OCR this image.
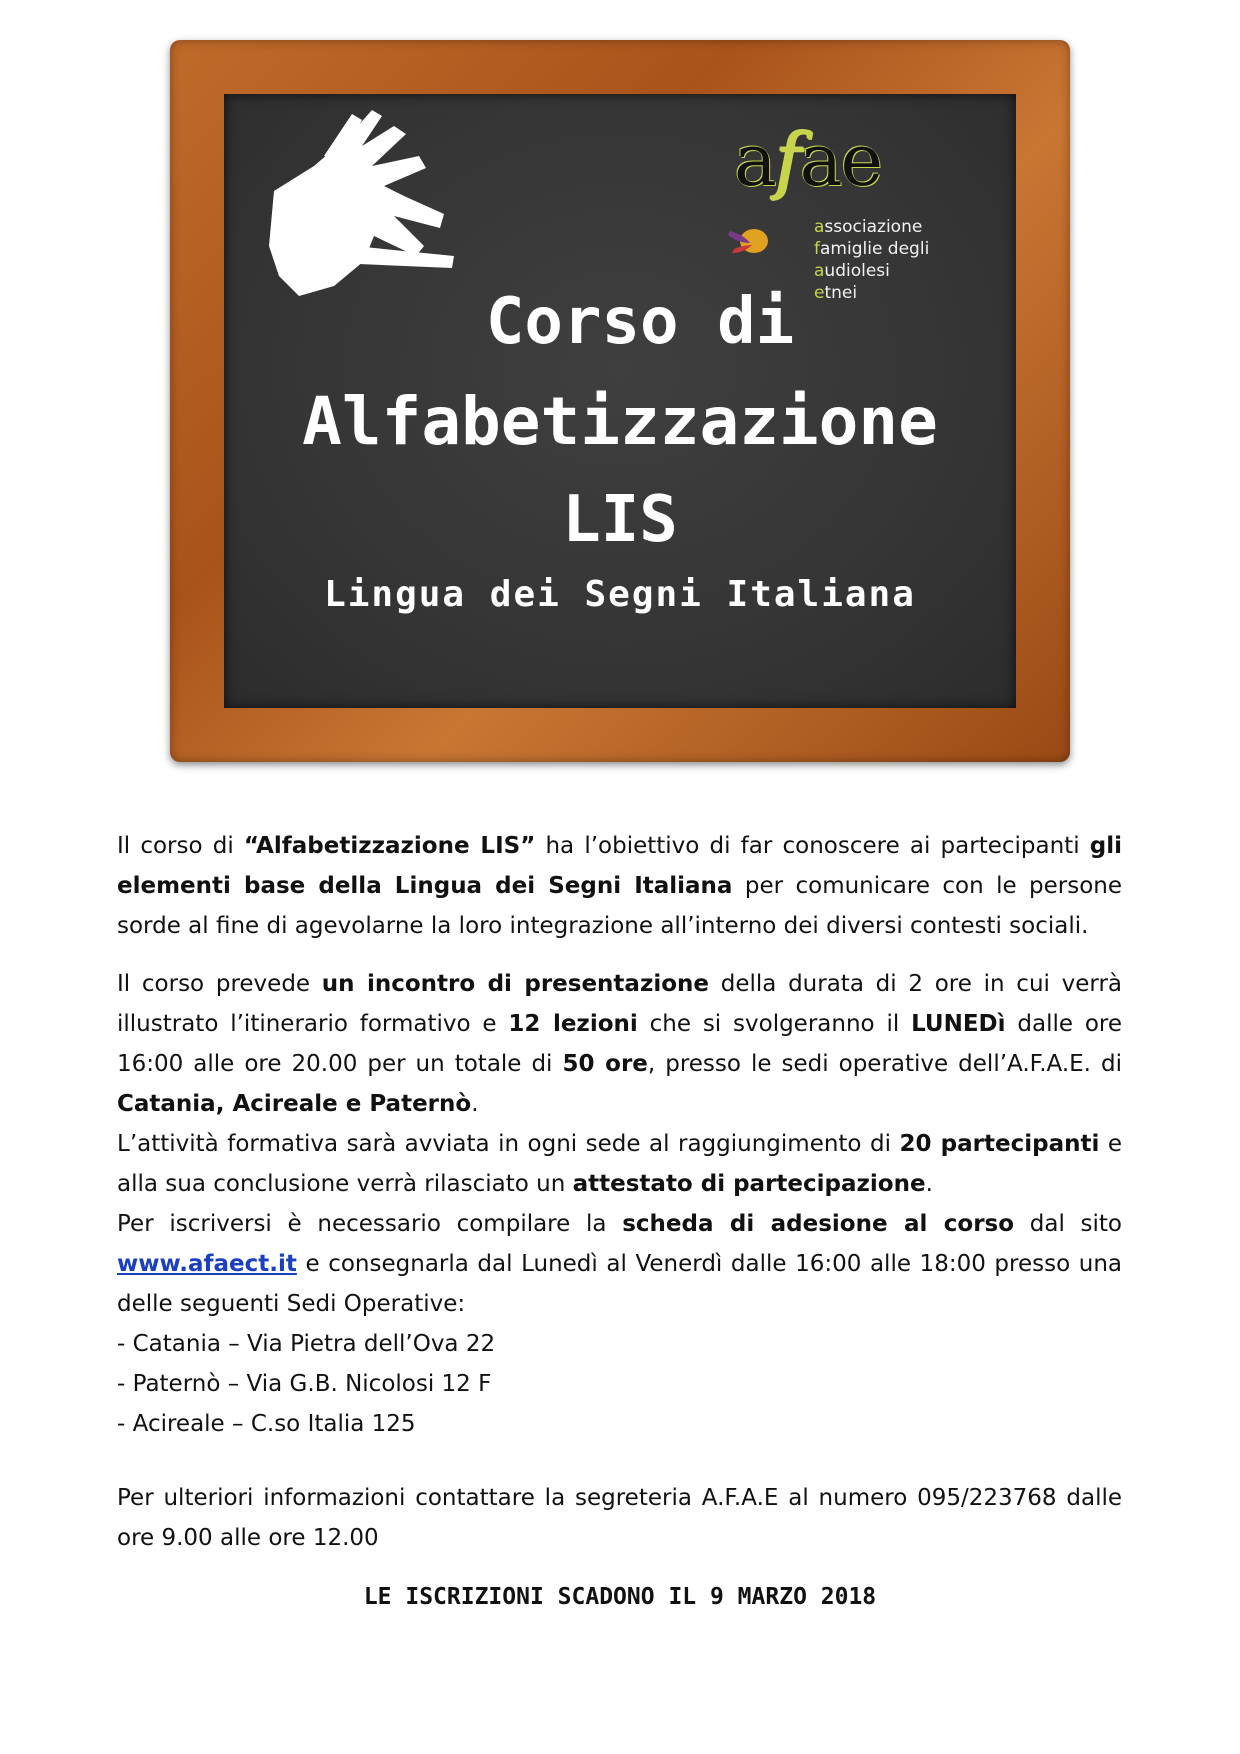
afae
associazione
famiglie degli
audiolesi
etnei
Corso di
Alfabetizzazione
LIS
Lingua dei Segni Italiana

Il corso di “Alfabetizzazione LIS” ha l’obiettivo di far conoscere ai partecipanti gli elementi base della Lingua dei Segni Italiana per comunicare con le persone sorde al fine di agevolarne la loro integrazione all’interno dei diversi contesti sociali.

Il corso prevede un incontro di presentazione della durata di 2 ore in cui verrà illustrato l’itinerario formativo e 12 lezioni che si svolgeranno il LUNEDì dalle ore 16:00 alle ore 20.00 per un totale di 50 ore, presso le sedi operative dell’A.F.A.E. di Catania, Acireale e Paternò.

L’attività formativa sarà avviata in ogni sede al raggiungimento di 20 partecipanti e alla sua conclusione verrà rilasciato un attestato di partecipazione.

Per iscriversi è necessario compilare la scheda di adesione al corso dal sito www.afaect.it e consegnarla dal Lunedì al Venerdì dalle 16:00 alle 18:00 presso una delle seguenti Sedi Operative:

- Catania – Via Pietra dell’Ova 22

- Paternò – Via G.B. Nicolosi 12 F

- Acireale – C.so Italia 125

Per ulteriori informazioni contattare la segreteria A.F.A.E al numero 095/223768 dalle ore 9.00 alle ore 12.00

LE ISCRIZIONI SCADONO IL 9 MARZO 2018
